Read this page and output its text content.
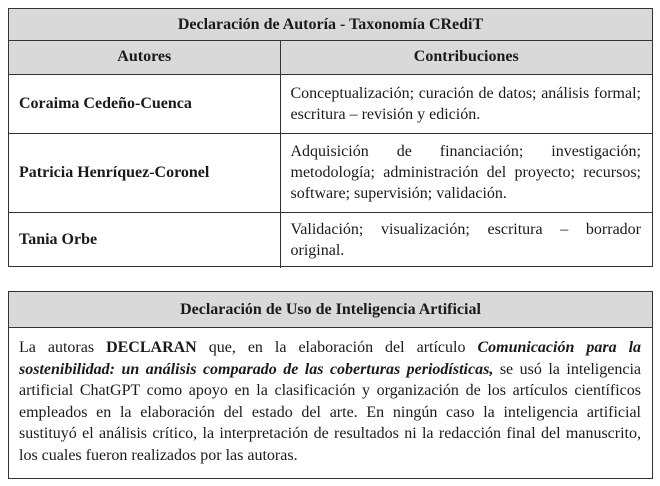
Declaración de Autoría - Taxonomía CRediT
Autores	Contribuciones
Coraima Cedeño-Cuenca	Conceptualización; curación de datos; análisis formal; escritura – revisión y edición.
Patricia Henríquez-Coronel	Adquisición de financiación; investigación; metodología; administración del proyecto; recursos; software; supervisión; validación.
Tania Orbe	Validación; visualización; escritura – borrador original.
Declaración de Uso de Inteligencia Artificial
La autoras DECLARAN que, en la elaboración del artículo Comunicación para la sostenibilidad: un análisis comparado de las coberturas periodísticas, se usó la inteligencia artificial ChatGPT como apoyo en la clasificación y organización de los artículos científicos empleados en la elaboración del estado del arte. En ningún caso la inteligencia artificial sustituyó el análisis crítico, la interpretación de resultados ni la redacción final del manuscrito, los cuales fueron realizados por las autoras.
